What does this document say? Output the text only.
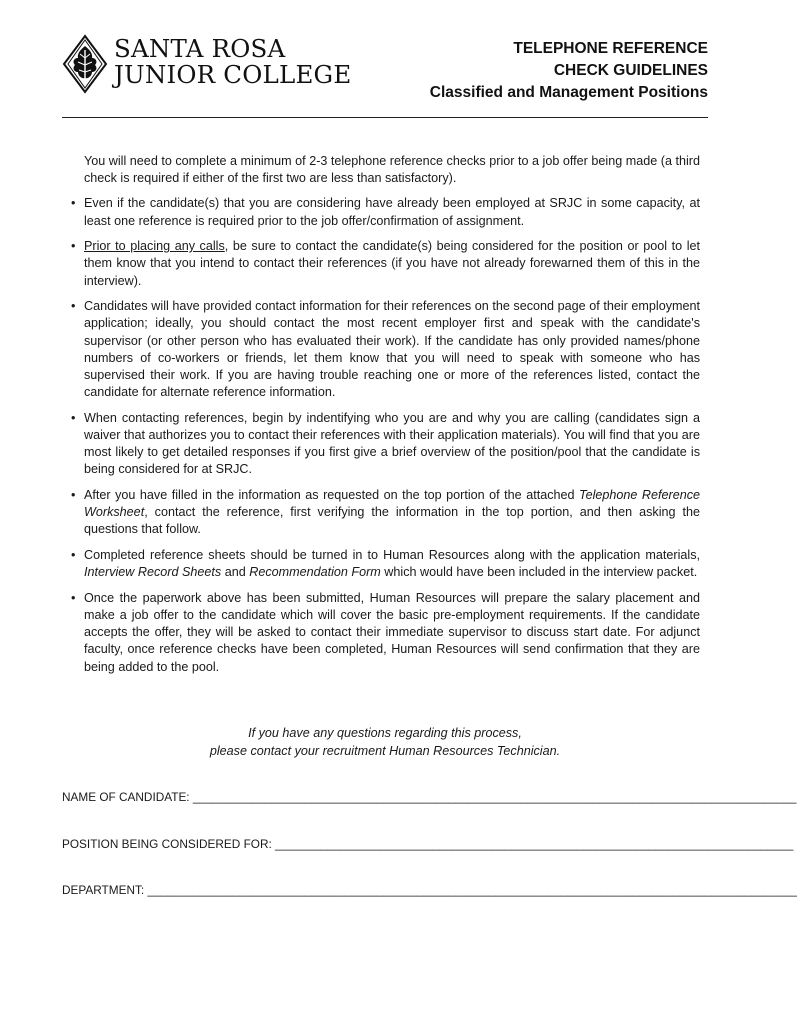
SANTA ROSA
JUNIOR COLLEGE
TELEPHONE REFERENCE
CHECK GUIDELINES
Classified and Management Positions

You will need to complete a minimum of 2-3 telephone reference checks prior to a job offer being made (a third check is required if either of the first two are less than satisfactory).

• Even if the candidate(s) that you are considering have already been employed at SRJC in some capacity, at least one reference is required prior to the job offer/confirmation of assignment.
• Prior to placing any calls, be sure to contact the candidate(s) being considered for the position or pool to let them know that you intend to contact their references (if you have not already forewarned them of this in the interview).
• Candidates will have provided contact information for their references on the second page of their employment application; ideally, you should contact the most recent employer first and speak with the candidate's supervisor (or other person who has evaluated their work). If the candidate has only provided names/phone numbers of co-workers or friends, let them know that you will need to speak with someone who has supervised their work. If you are having trouble reaching one or more of the references listed, contact the candidate for alternate reference information.
• When contacting references, begin by indentifying who you are and why you are calling (candidates sign a waiver that authorizes you to contact their references with their application materials). You will find that you are most likely to get detailed responses if you first give a brief overview of the position/pool that the candidate is being considered for at SRJC.
• After you have filled in the information as requested on the top portion of the attached Telephone Reference Worksheet, contact the reference, first verifying the information in the top portion, and then asking the questions that follow.
• Completed reference sheets should be turned in to Human Resources along with the application materials, Interview Record Sheets and Recommendation Form which would have been included in the interview packet.
• Once the paperwork above has been submitted, Human Resources will prepare the salary placement and make a job offer to the candidate which will cover the basic pre-employment requirements. If the candidate accepts the offer, they will be asked to contact their immediate supervisor to discuss start date. For adjunct faculty, once reference checks have been completed, Human Resources will send confirmation that they are being added to the pool.
If you have any questions regarding this process,
please contact your recruitment Human Resources Technician.
NAME OF CANDIDATE: ____________________________________________________________________________________________
POSITION BEING CONSIDERED FOR: _______________________________________________________________________________
DEPARTMENT: ___________________________________________________________________________________________________
